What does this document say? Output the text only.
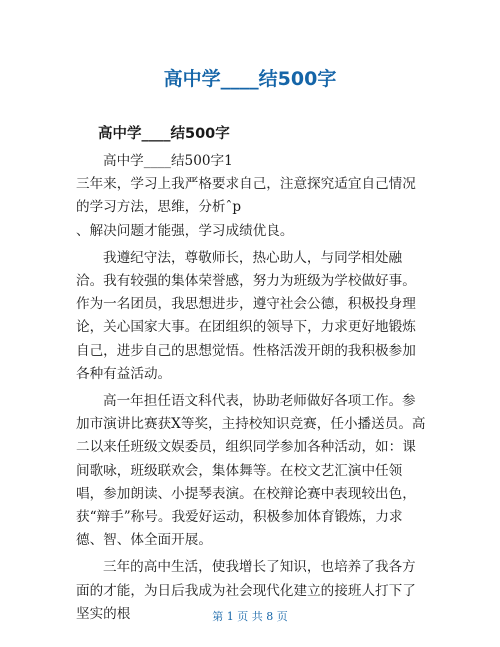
高中学____结500字
高中学____结500字

高中学____结500字1

三年来，学习上我严格要求自己，注意探究适宜自己情况的学习方法，思维，分析ˆp

、解决问题才能强，学习成绩优良。

我遵纪守法，尊敬师长，热心助人，与同学相处融洽。我有较强的集体荣誉感，努力为班级为学校做好事。作为一名团员，我思想进步，遵守社会公德，积极投身理论，关心国家大事。在团组织的领导下，力求更好地锻炼自己，进步自己的思想觉悟。性格活泼开朗的我积极参加各种有益活动。

高一年担任语文科代表，协助老师做好各项工作。参加市演讲比赛获X等奖，主持校知识竞赛，任小播送员。高二以来任班级文娱委员，组织同学参加各种活动，如：课间歌咏，班级联欢会，集体舞等。在校文艺汇演中任领唱，参加朗读、小提琴表演。在校辩论赛中表现较出色，获“辩手”称号。我爱好运动，积极参加体育锻炼，力求德、智、体全面开展。

三年的高中生活，使我增长了知识，也培养了我各方面的才能，为日后我成为社会现代化建立的接班人打下了坚实的根	第 1 页 共 8 页
